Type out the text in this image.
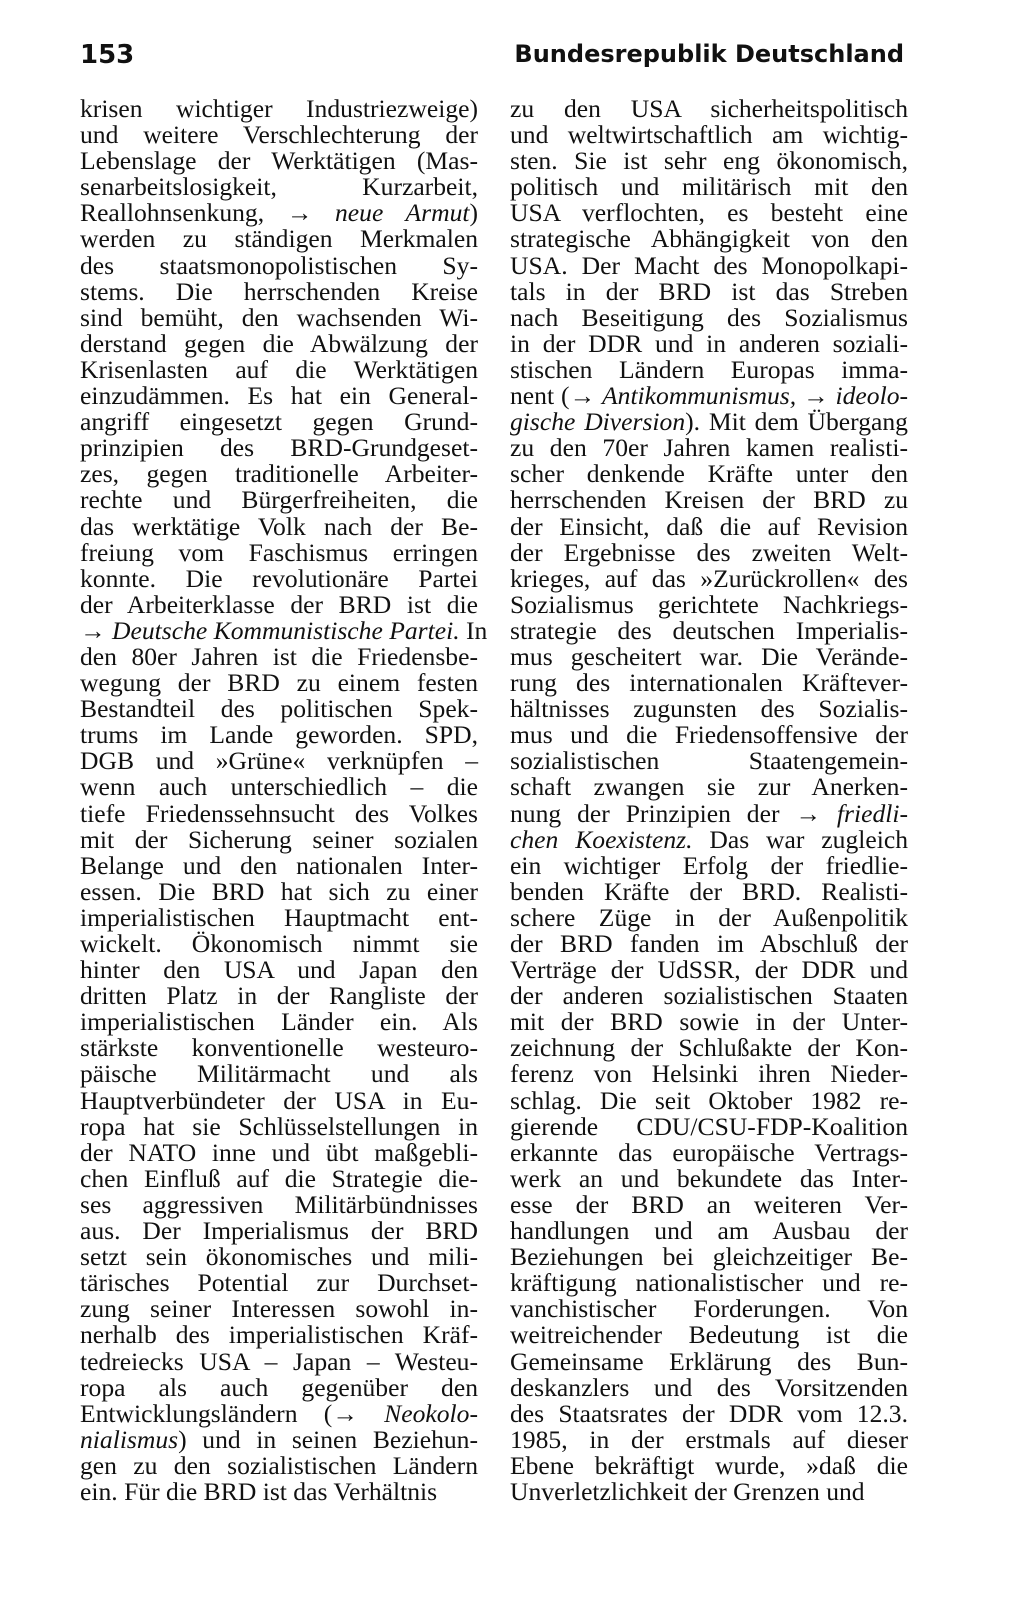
153	Bundesrepublik Deutschland
krisen wichtiger Industriezweige)
und weitere Verschlechterung der
Lebenslage der Werktätigen (Mas-
senarbeitslosigkeit, Kurzarbeit,
Reallohnsenkung, → neue Armut)
werden zu ständigen Merkmalen
des staatsmonopolistischen Sy-
stems. Die herrschenden Kreise
sind bemüht, den wachsenden Wi-
derstand gegen die Abwälzung der
Krisenlasten auf die Werktätigen
einzudämmen. Es hat ein General-
angriff eingesetzt gegen Grund-
prinzipien des BRD-Grundgeset-
zes, gegen traditionelle Arbeiter-
rechte und Bürgerfreiheiten, die
das werktätige Volk nach der Be-
freiung vom Faschismus erringen
konnte. Die revolutionäre Partei
der Arbeiterklasse der BRD ist die
→ Deutsche Kommunistische Partei. In
den 80er Jahren ist die Friedensbe-
wegung der BRD zu einem festen
Bestandteil des politischen Spek-
trums im Lande geworden. SPD,
DGB und »Grüne« verknüpfen –
wenn auch unterschiedlich – die
tiefe Friedenssehnsucht des Volkes
mit der Sicherung seiner sozialen
Belange und den nationalen Inter-
essen. Die BRD hat sich zu einer
imperialistischen Hauptmacht ent-
wickelt. Ökonomisch nimmt sie
hinter den USA und Japan den
dritten Platz in der Rangliste der
imperialistischen Länder ein. Als
stärkste konventionelle westeuro-
päische Militärmacht und als
Hauptverbündeter der USA in Eu-
ropa hat sie Schlüsselstellungen in
der NATO inne und übt maßgebli-
chen Einfluß auf die Strategie die-
ses aggressiven Militärbündnisses
aus. Der Imperialismus der BRD
setzt sein ökonomisches und mili-
tärisches Potential zur Durchset-
zung seiner Interessen sowohl in-
nerhalb des imperialistischen Kräf-
tedreiecks USA – Japan – Westeu-
ropa als auch gegenüber den
Entwicklungsländern (→ Neokolo-
nialismus) und in seinen Beziehun-
gen zu den sozialistischen Ländern
ein. Für die BRD ist das Verhältnis
zu den USA sicherheitspolitisch
und weltwirtschaftlich am wichtig-
sten. Sie ist sehr eng ökonomisch,
politisch und militärisch mit den
USA verflochten, es besteht eine
strategische Abhängigkeit von den
USA. Der Macht des Monopolkapi-
tals in der BRD ist das Streben
nach Beseitigung des Sozialismus
in der DDR und in anderen soziali-
stischen Ländern Europas imma-
nent (→ Antikommunismus, → ideolo-
gische Diversion). Mit dem Übergang
zu den 70er Jahren kamen realisti-
scher denkende Kräfte unter den
herrschenden Kreisen der BRD zu
der Einsicht, daß die auf Revision
der Ergebnisse des zweiten Welt-
krieges, auf das »Zurückrollen« des
Sozialismus gerichtete Nachkriegs-
strategie des deutschen Imperialis-
mus gescheitert war. Die Verände-
rung des internationalen Kräftever-
hältnisses zugunsten des Sozialis-
mus und die Friedensoffensive der
sozialistischen Staatengemein-
schaft zwangen sie zur Anerken-
nung der Prinzipien der → friedli-
chen Koexistenz. Das war zugleich
ein wichtiger Erfolg der friedlie-
benden Kräfte der BRD. Realisti-
schere Züge in der Außenpolitik
der BRD fanden im Abschluß der
Verträge der UdSSR, der DDR und
der anderen sozialistischen Staaten
mit der BRD sowie in der Unter-
zeichnung der Schlußakte der Kon-
ferenz von Helsinki ihren Nieder-
schlag. Die seit Oktober 1982 re-
gierende CDU/CSU-FDP-Koalition
erkannte das europäische Vertrags-
werk an und bekundete das Inter-
esse der BRD an weiteren Ver-
handlungen und am Ausbau der
Beziehungen bei gleichzeitiger Be-
kräftigung nationalistischer und re-
vanchistischer Forderungen. Von
weitreichender Bedeutung ist die
Gemeinsame Erklärung des Bun-
deskanzlers und des Vorsitzenden
des Staatsrates der DDR vom 12.3.
1985, in der erstmals auf dieser
Ebene bekräftigt wurde, »daß die
Unverletzlichkeit der Grenzen und
